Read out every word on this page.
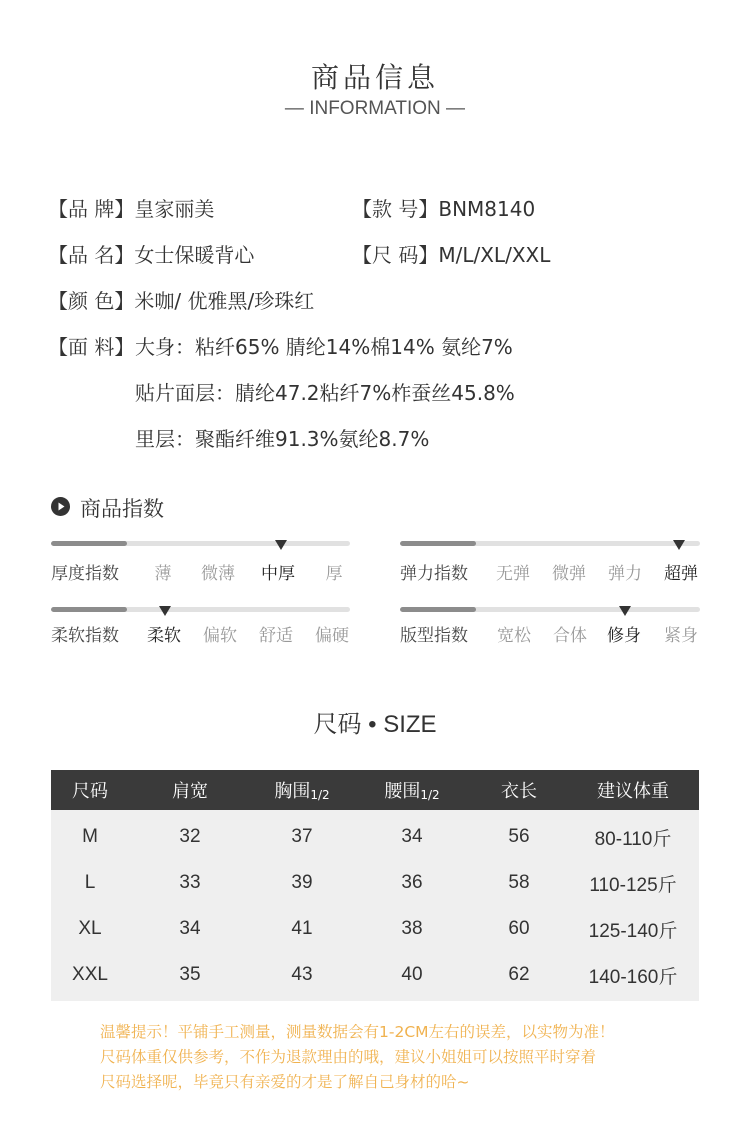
商品信息
— INFORMATION —
【品 牌】皇家丽美	【款 号】BNM8140
【品 名】女士保暖背心	【尺 码】M/L/XL/XXL
【颜 色】米咖/ 优雅黑/珍珠红
【面 料】 大身：粘纤65% 腈纶14%棉14% 氨纶7%
贴片面层：腈纶47.2粘纤7%柞蚕丝45.8%
里层：聚酯纤维91.3%氨纶8.7%
商品指数
厚度指数	薄	微薄 中厚	厚	弹力指数 无弹 微弹 弹力 超弹
柔软指数 柔软 偏软 舒适 偏硬	版型指数 宽松 合体 修身 紧身
尺码 • SIZE
尺码	肩宽	胸围$_{1/2}$	腰围$_{1/2}$	衣长	建议体重
M	32	37	34	56	80-110斤
L	33	39	36	58	110-125斤
XL	34	41	38	60	125-140斤
XXL	35	43	40	62	140-160斤
温馨提示！平铺手工测量，测量数据会有1-2CM左右的误差，以实物为准！
尺码体重仅供参考，不作为退款理由的哦，建议小姐姐可以按照平时穿着
尺码选择呢，毕竟只有亲爱的才是了解自己身材的哈~
